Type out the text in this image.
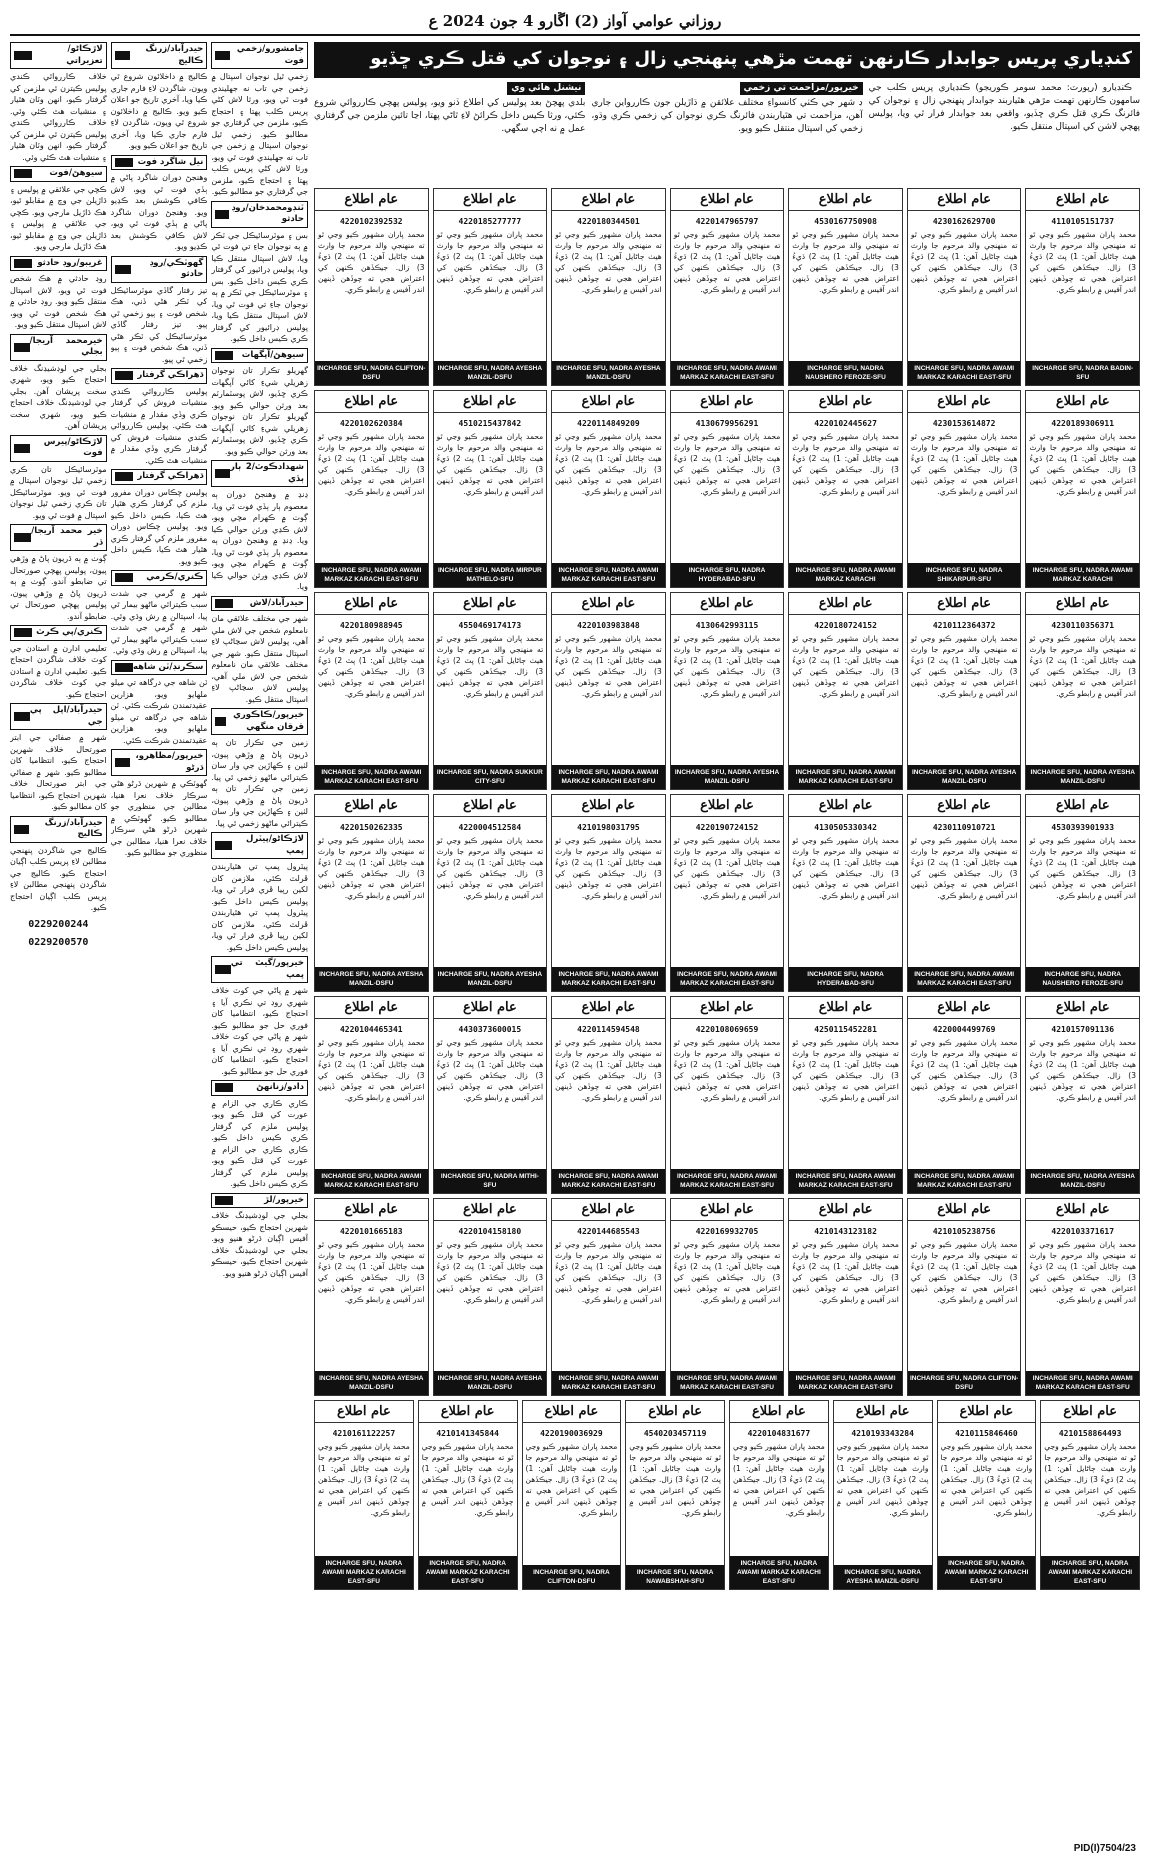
روزاني عوامي آواز (2) اڱارو 4 جون 2024 ع
کنڊياري پريس جوابدار ڪارنهن تهمت مڙهي پنهنجي زال ۽ نوجوان کي قتل ڪري ڇڏيو
ڪنڊيارو (رپورٽ: محمد سومر ڪوريجو) ڪنڊياري پريس ڪلب جي سامهون ڪارنهن تهمت مڙهي هٿياربند جوابدار پنهنجي زال ۽ نوجوان کي فائرنگ ڪري قتل ڪري ڇڏيو، واقعي بعد جوابدار فرار ٿي ويا، پوليس پهچي لاشن کي اسپتال منتقل ڪيو.
خيرپور/مزاحمت تي زخمي
ڊ شهر جي ڪٺي کانسواءِ مختلف علائقن ۾ ڌاڙيلن جون ڪاررواين جاري آهن، مزاحمت تي هٿياربندن فائرنگ ڪري نوجوان کي زخمي ڪري وڌو، زخمي کي اسپتال منتقل ڪيو ويو.
نيشنل هائي وي
بلدي پهچڻ بعد پوليس کي اطلاع ڏنو ويو، پوليس پهچي ڪارروائي شروع ڪئي، ورثا ڪيس داخل ڪرائڻ لاءِ ٿاڻي پهتا، اڃا تائين ملزمن جي گرفتاري عمل ۾ نه اچي سگهي.
عام اطلاع
4110105151737
محمد پاران مشهور ڪيو وڃي ٿو ته منهنجي والد مرحوم جا وارث هيٺ ڄاڻايل آهن: 1) پٽ 2) ڌيءُ 3) زال. جيڪڏهن ڪنهن کي اعتراض هجي ته چوڏهن ڏينهن اندر آفيس ۾ رابطو ڪري.
INCHARGE SFU, NADRA BADIN-SFU
عام اطلاع
4230162629700
محمد پاران مشهور ڪيو وڃي ٿو ته منهنجي والد مرحوم جا وارث هيٺ ڄاڻايل آهن: 1) پٽ 2) ڌيءُ 3) زال. جيڪڏهن ڪنهن کي اعتراض هجي ته چوڏهن ڏينهن اندر آفيس ۾ رابطو ڪري.
INCHARGE SFU, NADRA AWAMI MARKAZ KARACHI EAST-SFU
عام اطلاع
4530167750908
محمد پاران مشهور ڪيو وڃي ٿو ته منهنجي والد مرحوم جا وارث هيٺ ڄاڻايل آهن: 1) پٽ 2) ڌيءُ 3) زال. جيڪڏهن ڪنهن کي اعتراض هجي ته چوڏهن ڏينهن اندر آفيس ۾ رابطو ڪري.
INCHARGE SFU, NADRA NAUSHERO FEROZE-SFU
عام اطلاع
4220147965797
محمد پاران مشهور ڪيو وڃي ٿو ته منهنجي والد مرحوم جا وارث هيٺ ڄاڻايل آهن: 1) پٽ 2) ڌيءُ 3) زال. جيڪڏهن ڪنهن کي اعتراض هجي ته چوڏهن ڏينهن اندر آفيس ۾ رابطو ڪري.
INCHARGE SFU, NADRA AWAMI MARKAZ KARACHI EAST-SFU
عام اطلاع
4220180344501
محمد پاران مشهور ڪيو وڃي ٿو ته منهنجي والد مرحوم جا وارث هيٺ ڄاڻايل آهن: 1) پٽ 2) ڌيءُ 3) زال. جيڪڏهن ڪنهن کي اعتراض هجي ته چوڏهن ڏينهن اندر آفيس ۾ رابطو ڪري.
INCHARGE SFU, NADRA AYESHA MANZIL-DSFU
عام اطلاع
4220185277777
محمد پاران مشهور ڪيو وڃي ٿو ته منهنجي والد مرحوم جا وارث هيٺ ڄاڻايل آهن: 1) پٽ 2) ڌيءُ 3) زال. جيڪڏهن ڪنهن کي اعتراض هجي ته چوڏهن ڏينهن اندر آفيس ۾ رابطو ڪري.
INCHARGE SFU, NADRA AYESHA MANZIL-DSFU
عام اطلاع
4220102392532
محمد پاران مشهور ڪيو وڃي ٿو ته منهنجي والد مرحوم جا وارث هيٺ ڄاڻايل آهن: 1) پٽ 2) ڌيءُ 3) زال. جيڪڏهن ڪنهن کي اعتراض هجي ته چوڏهن ڏينهن اندر آفيس ۾ رابطو ڪري.
INCHARGE SFU, NADRA CLIFTON-DSFU
عام اطلاع
4220189306911
محمد پاران مشهور ڪيو وڃي ٿو ته منهنجي والد مرحوم جا وارث هيٺ ڄاڻايل آهن: 1) پٽ 2) ڌيءُ 3) زال. جيڪڏهن ڪنهن کي اعتراض هجي ته چوڏهن ڏينهن اندر آفيس ۾ رابطو ڪري.
INCHARGE SFU, NADRA AWAMI MARKAZ KARACHI
عام اطلاع
4230153614872
محمد پاران مشهور ڪيو وڃي ٿو ته منهنجي والد مرحوم جا وارث هيٺ ڄاڻايل آهن: 1) پٽ 2) ڌيءُ 3) زال. جيڪڏهن ڪنهن کي اعتراض هجي ته چوڏهن ڏينهن اندر آفيس ۾ رابطو ڪري.
INCHARGE SFU, NADRA SHIKARPUR-SFU
عام اطلاع
4220102445627
محمد پاران مشهور ڪيو وڃي ٿو ته منهنجي والد مرحوم جا وارث هيٺ ڄاڻايل آهن: 1) پٽ 2) ڌيءُ 3) زال. جيڪڏهن ڪنهن کي اعتراض هجي ته چوڏهن ڏينهن اندر آفيس ۾ رابطو ڪري.
INCHARGE SFU, NADRA AWAMI MARKAZ KARACHI
عام اطلاع
4130679956291
محمد پاران مشهور ڪيو وڃي ٿو ته منهنجي والد مرحوم جا وارث هيٺ ڄاڻايل آهن: 1) پٽ 2) ڌيءُ 3) زال. جيڪڏهن ڪنهن کي اعتراض هجي ته چوڏهن ڏينهن اندر آفيس ۾ رابطو ڪري.
INCHARGE SFU, NADRA HYDERABAD-SFU
عام اطلاع
4220114849209
محمد پاران مشهور ڪيو وڃي ٿو ته منهنجي والد مرحوم جا وارث هيٺ ڄاڻايل آهن: 1) پٽ 2) ڌيءُ 3) زال. جيڪڏهن ڪنهن کي اعتراض هجي ته چوڏهن ڏينهن اندر آفيس ۾ رابطو ڪري.
INCHARGE SFU, NADRA AWAMI MARKAZ KARACHI EAST-SFU
عام اطلاع
4510215437842
محمد پاران مشهور ڪيو وڃي ٿو ته منهنجي والد مرحوم جا وارث هيٺ ڄاڻايل آهن: 1) پٽ 2) ڌيءُ 3) زال. جيڪڏهن ڪنهن کي اعتراض هجي ته چوڏهن ڏينهن اندر آفيس ۾ رابطو ڪري.
INCHARGE SFU, NADRA MIRPUR MATHELO-SFU
عام اطلاع
4220102620384
محمد پاران مشهور ڪيو وڃي ٿو ته منهنجي والد مرحوم جا وارث هيٺ ڄاڻايل آهن: 1) پٽ 2) ڌيءُ 3) زال. جيڪڏهن ڪنهن کي اعتراض هجي ته چوڏهن ڏينهن اندر آفيس ۾ رابطو ڪري.
INCHARGE SFU, NADRA AWAMI MARKAZ KARACHI EAST-SFU
عام اطلاع
4230110356371
محمد پاران مشهور ڪيو وڃي ٿو ته منهنجي والد مرحوم جا وارث هيٺ ڄاڻايل آهن: 1) پٽ 2) ڌيءُ 3) زال. جيڪڏهن ڪنهن کي اعتراض هجي ته چوڏهن ڏينهن اندر آفيس ۾ رابطو ڪري.
INCHARGE SFU, NADRA AYESHA MANZIL-DSFU
عام اطلاع
4210112364372
محمد پاران مشهور ڪيو وڃي ٿو ته منهنجي والد مرحوم جا وارث هيٺ ڄاڻايل آهن: 1) پٽ 2) ڌيءُ 3) زال. جيڪڏهن ڪنهن کي اعتراض هجي ته چوڏهن ڏينهن اندر آفيس ۾ رابطو ڪري.
INCHARGE SFU, NADRA AYESHA MANZIL-DSFU
عام اطلاع
4220180724152
محمد پاران مشهور ڪيو وڃي ٿو ته منهنجي والد مرحوم جا وارث هيٺ ڄاڻايل آهن: 1) پٽ 2) ڌيءُ 3) زال. جيڪڏهن ڪنهن کي اعتراض هجي ته چوڏهن ڏينهن اندر آفيس ۾ رابطو ڪري.
INCHARGE SFU, NADRA AWAMI MARKAZ KARACHI EAST-SFU
عام اطلاع
4130642993115
محمد پاران مشهور ڪيو وڃي ٿو ته منهنجي والد مرحوم جا وارث هيٺ ڄاڻايل آهن: 1) پٽ 2) ڌيءُ 3) زال. جيڪڏهن ڪنهن کي اعتراض هجي ته چوڏهن ڏينهن اندر آفيس ۾ رابطو ڪري.
INCHARGE SFU, NADRA AYESHA MANZIL-DSFU
عام اطلاع
4220103983848
محمد پاران مشهور ڪيو وڃي ٿو ته منهنجي والد مرحوم جا وارث هيٺ ڄاڻايل آهن: 1) پٽ 2) ڌيءُ 3) زال. جيڪڏهن ڪنهن کي اعتراض هجي ته چوڏهن ڏينهن اندر آفيس ۾ رابطو ڪري.
INCHARGE SFU, NADRA AWAMI MARKAZ KARACHI EAST-SFU
عام اطلاع
4550469174173
محمد پاران مشهور ڪيو وڃي ٿو ته منهنجي والد مرحوم جا وارث هيٺ ڄاڻايل آهن: 1) پٽ 2) ڌيءُ 3) زال. جيڪڏهن ڪنهن کي اعتراض هجي ته چوڏهن ڏينهن اندر آفيس ۾ رابطو ڪري.
INCHARGE SFU, NADRA SUKKUR CITY-SFU
عام اطلاع
4220180988945
محمد پاران مشهور ڪيو وڃي ٿو ته منهنجي والد مرحوم جا وارث هيٺ ڄاڻايل آهن: 1) پٽ 2) ڌيءُ 3) زال. جيڪڏهن ڪنهن کي اعتراض هجي ته چوڏهن ڏينهن اندر آفيس ۾ رابطو ڪري.
INCHARGE SFU, NADRA AWAMI MARKAZ KARACHI EAST-SFU
عام اطلاع
4530393901933
محمد پاران مشهور ڪيو وڃي ٿو ته منهنجي والد مرحوم جا وارث هيٺ ڄاڻايل آهن: 1) پٽ 2) ڌيءُ 3) زال. جيڪڏهن ڪنهن کي اعتراض هجي ته چوڏهن ڏينهن اندر آفيس ۾ رابطو ڪري.
INCHARGE SFU, NADRA NAUSHERO FEROZE-SFU
عام اطلاع
4230110910721
محمد پاران مشهور ڪيو وڃي ٿو ته منهنجي والد مرحوم جا وارث هيٺ ڄاڻايل آهن: 1) پٽ 2) ڌيءُ 3) زال. جيڪڏهن ڪنهن کي اعتراض هجي ته چوڏهن ڏينهن اندر آفيس ۾ رابطو ڪري.
INCHARGE SFU, NADRA AWAMI MARKAZ KARACHI EAST-SFU
عام اطلاع
4130505330342
محمد پاران مشهور ڪيو وڃي ٿو ته منهنجي والد مرحوم جا وارث هيٺ ڄاڻايل آهن: 1) پٽ 2) ڌيءُ 3) زال. جيڪڏهن ڪنهن کي اعتراض هجي ته چوڏهن ڏينهن اندر آفيس ۾ رابطو ڪري.
INCHARGE SFU, NADRA HYDERABAD-SFU
عام اطلاع
4220190724152
محمد پاران مشهور ڪيو وڃي ٿو ته منهنجي والد مرحوم جا وارث هيٺ ڄاڻايل آهن: 1) پٽ 2) ڌيءُ 3) زال. جيڪڏهن ڪنهن کي اعتراض هجي ته چوڏهن ڏينهن اندر آفيس ۾ رابطو ڪري.
INCHARGE SFU, NADRA AWAMI MARKAZ KARACHI EAST-SFU
عام اطلاع
4210198031795
محمد پاران مشهور ڪيو وڃي ٿو ته منهنجي والد مرحوم جا وارث هيٺ ڄاڻايل آهن: 1) پٽ 2) ڌيءُ 3) زال. جيڪڏهن ڪنهن کي اعتراض هجي ته چوڏهن ڏينهن اندر آفيس ۾ رابطو ڪري.
INCHARGE SFU, NADRA AWAMI MARKAZ KARACHI EAST-SFU
عام اطلاع
4220004512584
محمد پاران مشهور ڪيو وڃي ٿو ته منهنجي والد مرحوم جا وارث هيٺ ڄاڻايل آهن: 1) پٽ 2) ڌيءُ 3) زال. جيڪڏهن ڪنهن کي اعتراض هجي ته چوڏهن ڏينهن اندر آفيس ۾ رابطو ڪري.
INCHARGE SFU, NADRA AYESHA MANZIL-DSFU
عام اطلاع
4220150262335
محمد پاران مشهور ڪيو وڃي ٿو ته منهنجي والد مرحوم جا وارث هيٺ ڄاڻايل آهن: 1) پٽ 2) ڌيءُ 3) زال. جيڪڏهن ڪنهن کي اعتراض هجي ته چوڏهن ڏينهن اندر آفيس ۾ رابطو ڪري.
INCHARGE SFU, NADRA AYESHA MANZIL-DSFU
عام اطلاع
4210157091136
محمد پاران مشهور ڪيو وڃي ٿو ته منهنجي والد مرحوم جا وارث هيٺ ڄاڻايل آهن: 1) پٽ 2) ڌيءُ 3) زال. جيڪڏهن ڪنهن کي اعتراض هجي ته چوڏهن ڏينهن اندر آفيس ۾ رابطو ڪري.
INCHARGE SFU, NADRA AYESHA MANZIL-DSFU
عام اطلاع
4220004499769
محمد پاران مشهور ڪيو وڃي ٿو ته منهنجي والد مرحوم جا وارث هيٺ ڄاڻايل آهن: 1) پٽ 2) ڌيءُ 3) زال. جيڪڏهن ڪنهن کي اعتراض هجي ته چوڏهن ڏينهن اندر آفيس ۾ رابطو ڪري.
INCHARGE SFU, NADRA AWAMI MARKAZ KARACHI EAST-SFU
عام اطلاع
4250115452281
محمد پاران مشهور ڪيو وڃي ٿو ته منهنجي والد مرحوم جا وارث هيٺ ڄاڻايل آهن: 1) پٽ 2) ڌيءُ 3) زال. جيڪڏهن ڪنهن کي اعتراض هجي ته چوڏهن ڏينهن اندر آفيس ۾ رابطو ڪري.
INCHARGE SFU, NADRA AWAMI MARKAZ KARACHI EAST-SFU
عام اطلاع
4220108069659
محمد پاران مشهور ڪيو وڃي ٿو ته منهنجي والد مرحوم جا وارث هيٺ ڄاڻايل آهن: 1) پٽ 2) ڌيءُ 3) زال. جيڪڏهن ڪنهن کي اعتراض هجي ته چوڏهن ڏينهن اندر آفيس ۾ رابطو ڪري.
INCHARGE SFU, NADRA AWAMI MARKAZ KARACHI EAST-SFU
عام اطلاع
4220114594548
محمد پاران مشهور ڪيو وڃي ٿو ته منهنجي والد مرحوم جا وارث هيٺ ڄاڻايل آهن: 1) پٽ 2) ڌيءُ 3) زال. جيڪڏهن ڪنهن کي اعتراض هجي ته چوڏهن ڏينهن اندر آفيس ۾ رابطو ڪري.
INCHARGE SFU, NADRA AWAMI MARKAZ KARACHI EAST-SFU
عام اطلاع
4430373600015
محمد پاران مشهور ڪيو وڃي ٿو ته منهنجي والد مرحوم جا وارث هيٺ ڄاڻايل آهن: 1) پٽ 2) ڌيءُ 3) زال. جيڪڏهن ڪنهن کي اعتراض هجي ته چوڏهن ڏينهن اندر آفيس ۾ رابطو ڪري.
INCHARGE SFU, NADRA MITHI-SFU
عام اطلاع
4220104465341
محمد پاران مشهور ڪيو وڃي ٿو ته منهنجي والد مرحوم جا وارث هيٺ ڄاڻايل آهن: 1) پٽ 2) ڌيءُ 3) زال. جيڪڏهن ڪنهن کي اعتراض هجي ته چوڏهن ڏينهن اندر آفيس ۾ رابطو ڪري.
INCHARGE SFU, NADRA AWAMI MARKAZ KARACHI EAST-SFU
عام اطلاع
4220103371617
محمد پاران مشهور ڪيو وڃي ٿو ته منهنجي والد مرحوم جا وارث هيٺ ڄاڻايل آهن: 1) پٽ 2) ڌيءُ 3) زال. جيڪڏهن ڪنهن کي اعتراض هجي ته چوڏهن ڏينهن اندر آفيس ۾ رابطو ڪري.
INCHARGE SFU, NADRA AWAMI MARKAZ KARACHI EAST-SFU
عام اطلاع
4210105238756
محمد پاران مشهور ڪيو وڃي ٿو ته منهنجي والد مرحوم جا وارث هيٺ ڄاڻايل آهن: 1) پٽ 2) ڌيءُ 3) زال. جيڪڏهن ڪنهن کي اعتراض هجي ته چوڏهن ڏينهن اندر آفيس ۾ رابطو ڪري.
INCHARGE SFU, NADRA CLIFTON-DSFU
عام اطلاع
4210143123182
محمد پاران مشهور ڪيو وڃي ٿو ته منهنجي والد مرحوم جا وارث هيٺ ڄاڻايل آهن: 1) پٽ 2) ڌيءُ 3) زال. جيڪڏهن ڪنهن کي اعتراض هجي ته چوڏهن ڏينهن اندر آفيس ۾ رابطو ڪري.
INCHARGE SFU, NADRA AWAMI MARKAZ KARACHI EAST-SFU
عام اطلاع
4220169932705
محمد پاران مشهور ڪيو وڃي ٿو ته منهنجي والد مرحوم جا وارث هيٺ ڄاڻايل آهن: 1) پٽ 2) ڌيءُ 3) زال. جيڪڏهن ڪنهن کي اعتراض هجي ته چوڏهن ڏينهن اندر آفيس ۾ رابطو ڪري.
INCHARGE SFU, NADRA AWAMI MARKAZ KARACHI EAST-SFU
عام اطلاع
4220144685543
محمد پاران مشهور ڪيو وڃي ٿو ته منهنجي والد مرحوم جا وارث هيٺ ڄاڻايل آهن: 1) پٽ 2) ڌيءُ 3) زال. جيڪڏهن ڪنهن کي اعتراض هجي ته چوڏهن ڏينهن اندر آفيس ۾ رابطو ڪري.
INCHARGE SFU, NADRA AWAMI MARKAZ KARACHI EAST-SFU
عام اطلاع
4220104158180
محمد پاران مشهور ڪيو وڃي ٿو ته منهنجي والد مرحوم جا وارث هيٺ ڄاڻايل آهن: 1) پٽ 2) ڌيءُ 3) زال. جيڪڏهن ڪنهن کي اعتراض هجي ته چوڏهن ڏينهن اندر آفيس ۾ رابطو ڪري.
INCHARGE SFU, NADRA AYESHA MANZIL-DSFU
عام اطلاع
4220101665183
محمد پاران مشهور ڪيو وڃي ٿو ته منهنجي والد مرحوم جا وارث هيٺ ڄاڻايل آهن: 1) پٽ 2) ڌيءُ 3) زال. جيڪڏهن ڪنهن کي اعتراض هجي ته چوڏهن ڏينهن اندر آفيس ۾ رابطو ڪري.
INCHARGE SFU, NADRA AYESHA MANZIL-DSFU
عام اطلاع
4210158864493
محمد پاران مشهور ڪيو وڃي ٿو ته منهنجي والد مرحوم جا وارث هيٺ ڄاڻايل آهن: 1) پٽ 2) ڌيءُ 3) زال. جيڪڏهن ڪنهن کي اعتراض هجي ته چوڏهن ڏينهن اندر آفيس ۾ رابطو ڪري.
INCHARGE SFU, NADRA AWAMI MARKAZ KARACHI EAST-SFU
عام اطلاع
4210115846460
محمد پاران مشهور ڪيو وڃي ٿو ته منهنجي والد مرحوم جا وارث هيٺ ڄاڻايل آهن: 1) پٽ 2) ڌيءُ 3) زال. جيڪڏهن ڪنهن کي اعتراض هجي ته چوڏهن ڏينهن اندر آفيس ۾ رابطو ڪري.
INCHARGE SFU, NADRA AWAMI MARKAZ KARACHI EAST-SFU
عام اطلاع
4210193343284
محمد پاران مشهور ڪيو وڃي ٿو ته منهنجي والد مرحوم جا وارث هيٺ ڄاڻايل آهن: 1) پٽ 2) ڌيءُ 3) زال. جيڪڏهن ڪنهن کي اعتراض هجي ته چوڏهن ڏينهن اندر آفيس ۾ رابطو ڪري.
INCHARGE SFU, NADRA AYESHA MANZIL-DSFU
عام اطلاع
4220104831677
محمد پاران مشهور ڪيو وڃي ٿو ته منهنجي والد مرحوم جا وارث هيٺ ڄاڻايل آهن: 1) پٽ 2) ڌيءُ 3) زال. جيڪڏهن ڪنهن کي اعتراض هجي ته چوڏهن ڏينهن اندر آفيس ۾ رابطو ڪري.
INCHARGE SFU, NADRA AWAMI MARKAZ KARACHI EAST-SFU
عام اطلاع
4540203457119
محمد پاران مشهور ڪيو وڃي ٿو ته منهنجي والد مرحوم جا وارث هيٺ ڄاڻايل آهن: 1) پٽ 2) ڌيءُ 3) زال. جيڪڏهن ڪنهن کي اعتراض هجي ته چوڏهن ڏينهن اندر آفيس ۾ رابطو ڪري.
INCHARGE SFU, NADRA NAWABSHAH-SFU
عام اطلاع
4220190036929
محمد پاران مشهور ڪيو وڃي ٿو ته منهنجي والد مرحوم جا وارث هيٺ ڄاڻايل آهن: 1) پٽ 2) ڌيءُ 3) زال. جيڪڏهن ڪنهن کي اعتراض هجي ته چوڏهن ڏينهن اندر آفيس ۾ رابطو ڪري.
INCHARGE SFU, NADRA CLIFTON-DSFU
عام اطلاع
4210141345844
محمد پاران مشهور ڪيو وڃي ٿو ته منهنجي والد مرحوم جا وارث هيٺ ڄاڻايل آهن: 1) پٽ 2) ڌيءُ 3) زال. جيڪڏهن ڪنهن کي اعتراض هجي ته چوڏهن ڏينهن اندر آفيس ۾ رابطو ڪري.
INCHARGE SFU, NADRA AWAMI MARKAZ KARACHI EAST-SFU
عام اطلاع
4210161122257
محمد پاران مشهور ڪيو وڃي ٿو ته منهنجي والد مرحوم جا وارث هيٺ ڄاڻايل آهن: 1) پٽ 2) ڌيءُ 3) زال. جيڪڏهن ڪنهن کي اعتراض هجي ته چوڏهن ڏينهن اندر آفيس ۾ رابطو ڪري.
INCHARGE SFU, NADRA AWAMI MARKAZ KARACHI EAST-SFU
جامشورو/زخمي فوت
زخمي ٿيل نوجوان اسپتال ۾ زخمن جي تاب نه جهليندي فوت ٿي ويو، ورثا لاش کڻي پريس ڪلب پهتا ۽ احتجاج ڪيو، ملزمن جي گرفتاري جو مطالبو ڪيو. زخمي ٿيل نوجوان اسپتال ۾ زخمن جي تاب نه جهليندي فوت ٿي ويو، ورثا لاش کڻي پريس ڪلب پهتا ۽ احتجاج ڪيو، ملزمن جي گرفتاري جو مطالبو ڪيو.
ٽنڊومحمدخان/روڊ حادثو
بس ۽ موٽرسائيڪل جي ٽڪر ۾ ٻه نوجوان جاءِ تي فوت ٿي ويا، لاش اسپتال منتقل ڪيا ويا، پوليس ڊرائيور کي گرفتار ڪري ڪيس داخل ڪيو. بس ۽ موٽرسائيڪل جي ٽڪر ۾ ٻه نوجوان جاءِ تي فوت ٿي ويا، لاش اسپتال منتقل ڪيا ويا، پوليس ڊرائيور کي گرفتار ڪري ڪيس داخل ڪيو.
سيوهڻ/آپگهات
گهريلو تڪرار تان نوجوان زهريلي شيءِ کائي آپگهات ڪري ڇڏيو، لاش پوسٽمارٽم بعد ورثن حوالي ڪيو ويو. گهريلو تڪرار تان نوجوان زهريلي شيءِ کائي آپگهات ڪري ڇڏيو، لاش پوسٽمارٽم بعد ورثن حوالي ڪيو ويو.
شهدادڪوٽ/2 ٻار ٻڏي
ڍنڍ ۾ وهنجڻ دوران ٻه معصوم ٻار ٻڏي فوت ٿي ويا، ڳوٺ ۾ ڪهرام مچي ويو، لاش ڪڍي ورثن حوالي ڪيا ويا. ڍنڍ ۾ وهنجڻ دوران ٻه معصوم ٻار ٻڏي فوت ٿي ويا، ڳوٺ ۾ ڪهرام مچي ويو، لاش ڪڍي ورثن حوالي ڪيا ويا.
حيدرآباد/لاش
شهر جي مختلف علائقي مان نامعلوم شخص جي لاش ملي آهي، پوليس لاش سڃاڻپ لاءِ اسپتال منتقل ڪيو. شهر جي مختلف علائقي مان نامعلوم شخص جي لاش ملي آهي، پوليس لاش سڃاڻپ لاءِ اسپتال منتقل ڪيو.
خيرپور/ڪاڪوري قرقان منگهي
زمين جي تڪرار تان ٻه ڌريون پاڻ ۾ وڙهي پيون، لٺين ۽ ڪهاڙين جي وار سان ڪيترائي ماڻهو زخمي ٿي پيا. زمين جي تڪرار تان ٻه ڌريون پاڻ ۾ وڙهي پيون، لٺين ۽ ڪهاڙين جي وار سان ڪيترائي ماڻهو زخمي ٿي پيا.
لاڙڪاڻو/پيٽرل پمپ
پيٽرول پمپ تي هٿياربندن ڦرلٽ ڪئي، ملازمن کان لکين رپيا ڦري فرار ٿي ويا، پوليس ڪيس داخل ڪيو. پيٽرول پمپ تي هٿياربندن ڦرلٽ ڪئي، ملازمن کان لکين رپيا ڦري فرار ٿي ويا، پوليس ڪيس داخل ڪيو.
خيرپور/گيٽ تي پمپ
شهر ۾ پاڻي جي کوٽ خلاف شهري روڊ تي نڪري آيا ۽ احتجاج ڪيو، انتظاميا کان فوري حل جو مطالبو ڪيو. شهر ۾ پاڻي جي کوٽ خلاف شهري روڊ تي نڪري آيا ۽ احتجاج ڪيو، انتظاميا کان فوري حل جو مطالبو ڪيو.
دادو/زنانهڻ
ڪاري ڪاري جي الزام ۾ عورت کي قتل ڪيو ويو، پوليس ملزم کي گرفتار ڪري ڪيس داخل ڪيو. ڪاري ڪاري جي الزام ۾ عورت کي قتل ڪيو ويو، پوليس ملزم کي گرفتار ڪري ڪيس داخل ڪيو.
خيرپور/لڙ
بجلي جي لوڊشيڊنگ خلاف شهرين احتجاج ڪيو، حيسڪو آفيس اڳيان ڌرڻو هنيو ويو. بجلي جي لوڊشيڊنگ خلاف شهرين احتجاج ڪيو، حيسڪو آفيس اڳيان ڌرڻو هنيو ويو.
حيدرآباد/زرنگ ڪاليج
ڪاليج ۾ داخلائون شروع ٿي ويون، شاگردن لاءِ فارم جاري ڪيا ويا، آخري تاريخ جو اعلان ڪيو ويو. ڪاليج ۾ داخلائون شروع ٿي ويون، شاگردن لاءِ فارم جاري ڪيا ويا، آخري تاريخ جو اعلان ڪيو ويو.
نيل شاگرد فوت
وهنجڻ دوران شاگرد پاڻي ۾ ٻڏي فوت ٿي ويو، لاش ڪافي ڪوشش بعد ڪڍيو ويو. وهنجڻ دوران شاگرد پاڻي ۾ ٻڏي فوت ٿي ويو، لاش ڪافي ڪوشش بعد ڪڍيو ويو.
گهوٽڪي/روڊ حادثو
تيز رفتار گاڏي موٽرسائيڪل کي ٽڪر هڻي ڏني، هڪ شخص فوت ۽ ٻيو زخمي ٿي پيو. تيز رفتار گاڏي موٽرسائيڪل کي ٽڪر هڻي ڏني، هڪ شخص فوت ۽ ٻيو زخمي ٿي پيو.
ڌهراڪي گرفتار
پوليس ڪارروائي ڪندي منشيات فروش کي گرفتار ڪري وڏي مقدار ۾ منشيات هٿ ڪئي. پوليس ڪارروائي ڪندي منشيات فروش کي گرفتار ڪري وڏي مقدار ۾ منشيات هٿ ڪئي.
ڌهراڪي گرفتار
پوليس چڪاس دوران مفرور ملزم کي گرفتار ڪري هٿيار هٿ ڪيا، ڪيس داخل ڪيو ويو. پوليس چڪاس دوران مفرور ملزم کي گرفتار ڪري هٿيار هٿ ڪيا، ڪيس داخل ڪيو ويو.
ڪنري/ڪرمي
شهر ۾ گرمي جي شدت سبب ڪيترائي ماڻهو بيمار ٿي پيا، اسپتالن ۾ رش وڌي وئي. شهر ۾ گرمي جي شدت سبب ڪيترائي ماڻهو بيمار ٿي پيا، اسپتالن ۾ رش وڌي وئي.
سڪرنڊ/ٽن شاهه
ٽن شاهه جي درگاهه تي ميلو ملهايو ويو، هزارين عقيدتمندن شرڪت ڪئي. ٽن شاهه جي درگاهه تي ميلو ملهايو ويو، هزارين عقيدتمندن شرڪت ڪئي.
خيرپور/مظاهرو، ڌرڻو
گهوٽڪي ۾ شهرين ڌرڻو هڻي سرڪار خلاف نعرا هنيا، مطالبن جي منظوري جو مطالبو ڪيو. گهوٽڪي ۾ شهرين ڌرڻو هڻي سرڪار خلاف نعرا هنيا، مطالبن جي منظوري جو مطالبو ڪيو.
لاڙڪاڻو/تعزيراتي
خلاف ڪارروائي ڪندي پوليس ڪيترن ئي ملزمن کي گرفتار ڪيو، انهن وٽان هٿيار ۽ منشيات هٿ ڪئي وئي. خلاف ڪارروائي ڪندي پوليس ڪيترن ئي ملزمن کي گرفتار ڪيو، انهن وٽان هٿيار ۽ منشيات هٿ ڪئي وئي.
سيوهڻ/فوت
ڪچي جي علائقي ۾ پوليس ۽ ڌاڙيلن جي وچ ۾ مقابلو ٿيو، هڪ ڌاڙيل مارجي ويو. ڪچي جي علائقي ۾ پوليس ۽ ڌاڙيلن جي وچ ۾ مقابلو ٿيو، هڪ ڌاڙيل مارجي ويو.
غريبو/روڊ حادثو
روڊ حادثي ۾ هڪ شخص فوت ٿي ويو، لاش اسپتال منتقل ڪيو ويو. روڊ حادثي ۾ هڪ شخص فوت ٿي ويو، لاش اسپتال منتقل ڪيو ويو.
خيرمحمد آريجا/بجلي
بجلي جي لوڊشيڊنگ خلاف احتجاج ڪيو ويو، شهري سخت پريشان آهن. بجلي جي لوڊشيڊنگ خلاف احتجاج ڪيو ويو، شهري سخت پريشان آهن.
لاڙڪاڻو/پيرس فوت
موٽرسائيڪل تان ڪري زخمي ٿيل نوجوان اسپتال ۾ فوت ٿي ويو. موٽرسائيڪل تان ڪري زخمي ٿيل نوجوان اسپتال ۾ فوت ٿي ويو.
خير محمد آريجا/ڏر
ڳوٺ ۾ ٻه ڌريون پاڻ ۾ وڙهي پيون، پوليس پهچي صورتحال تي ضابطو آندو. ڳوٺ ۾ ٻه ڌريون پاڻ ۾ وڙهي پيون، پوليس پهچي صورتحال تي ضابطو آندو.
ڪنري/پي ڪرٽ
تعليمي ادارن ۾ استادن جي کوٽ خلاف شاگردن احتجاج ڪيو. تعليمي ادارن ۾ استادن جي کوٽ خلاف شاگردن احتجاج ڪيو.
حيدرآباد/اپل پي جي
شهر ۾ صفائي جي ابتر صورتحال خلاف شهرين احتجاج ڪيو، انتظاميا کان مطالبو ڪيو. شهر ۾ صفائي جي ابتر صورتحال خلاف شهرين احتجاج ڪيو، انتظاميا کان مطالبو ڪيو.
حيدرآباد/زرنگ ڪاليج
ڪاليج جي شاگردن پنهنجي مطالبن لاءِ پريس ڪلب اڳيان احتجاج ڪيو. ڪاليج جي شاگردن پنهنجي مطالبن لاءِ پريس ڪلب اڳيان احتجاج ڪيو.
0229200244
0229200570
PID(I)7504/23
